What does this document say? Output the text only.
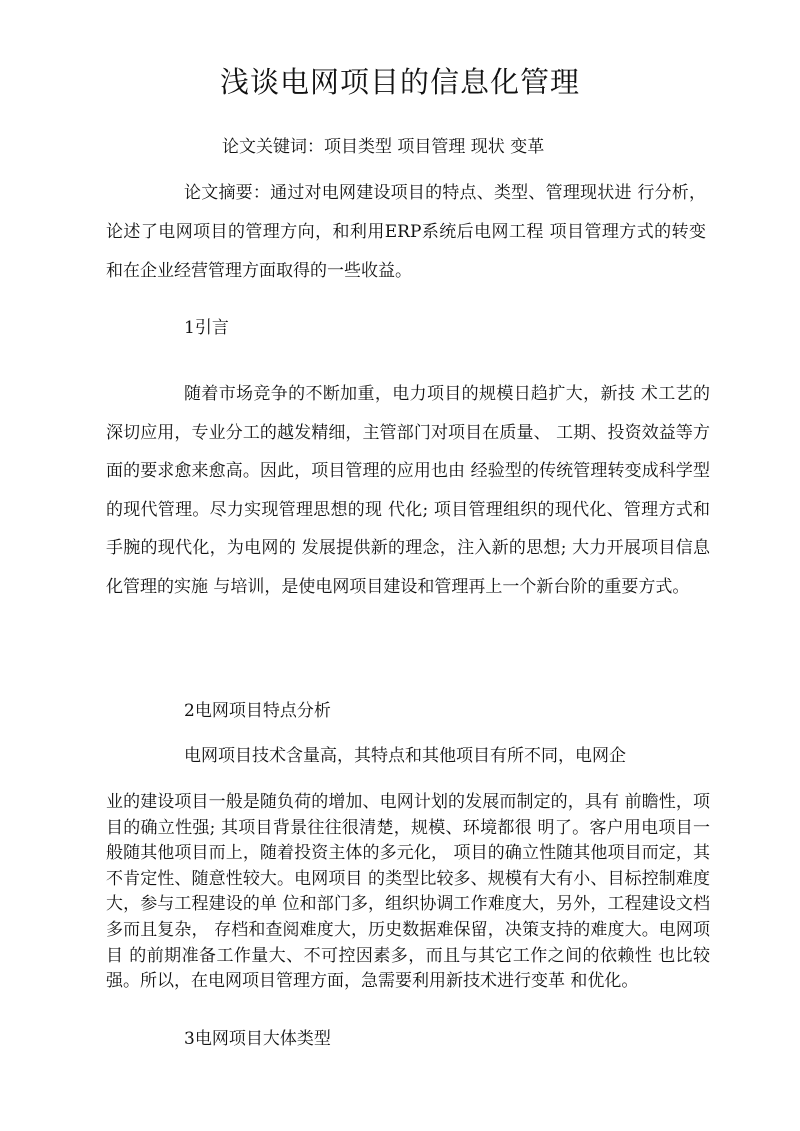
浅谈电网项目的信息化管理
论文关键词：项目类型 项目管理 现状 变革

论文摘要：通过对电网建设项目的特点、类型、管理现状进 行分析，论述了电网项目的管理方向，和利用ERP系统后电网工程 项目管理方式的转变和在企业经营管理方面取得的一些收益。

1引言

随着市场竞争的不断加重，电力项目的规模日趋扩大，新技 术工艺的深切应用，专业分工的越发精细，主管部门对项目在质量、 工期、投资效益等方面的要求愈来愈高。因此，项目管理的应用也由 经验型的传统管理转变成科学型的现代管理。尽力实现管理思想的现 代化; 项目管理组织的现代化、管理方式和手腕的现代化，为电网的 发展提供新的理念，注入新的思想; 大力开展项目信息化管理的实施 与培训，是使电网项目建设和管理再上一个新台阶的重要方式。

2电网项目特点分析
电网项目技术含量高，其特点和其他项目有所不同，电网企

业的建设项目一般是随负荷的增加、电网计划的发展而制定的，具有 前瞻性，项目的确立性强; 其项目背景往往很清楚，规模、环境都很 明了。客户用电项目一般随其他项目而上，随着投资主体的多元化， 项目的确立性随其他项目而定，其不肯定性、随意性较大。电网项目 的类型比较多、规模有大有小、目标控制难度大，参与工程建设的单 位和部门多，组织协调工作难度大，另外，工程建设文档多而且复杂， 存档和查阅难度大，历史数据难保留，决策支持的难度大。电网项目 的前期准备工作量大、不可控因素多，而且与其它工作之间的依赖性 也比较强。所以，在电网项目管理方面，急需要利用新技术进行变革 和优化。

3电网项目大体类型
